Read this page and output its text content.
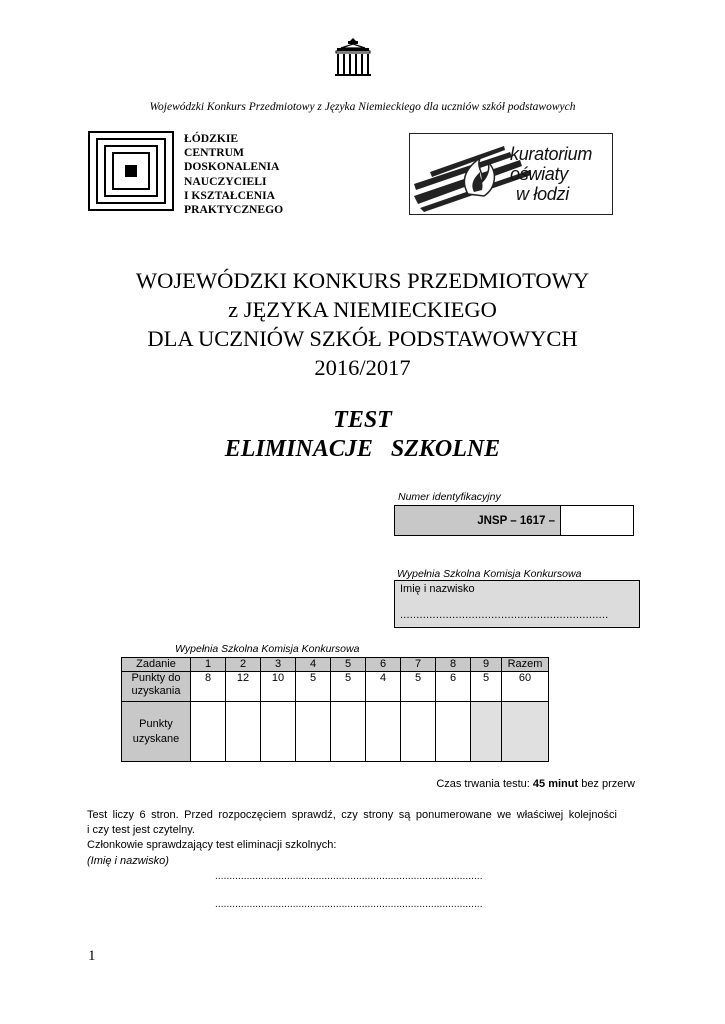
Wojewódzki Konkurs Przedmiotowy z Języka Niemieckiego dla uczniów szkół podstawowych
ŁÓDZKIE
CENTRUM
DOSKONALENIA
NAUCZYCIELI
I KSZTAŁCENIA
PRAKTYCZNEGO
kuratorium
oświaty
w łodzi
WOJEWÓDZKI KONKURS PRZEDMIOTOWY
z JĘZYKA NIEMIECKIEGO
DLA UCZNIÓW SZKÓŁ PODSTAWOWYCH
2016/2017
TEST
ELIMINACJE   SZKOLNE
Numer identyfikacyjny
JNSP – 1617 –
Wypełnia Szkolna Komisja Konkursowa
Imię i nazwisko
................................................................
Wypełnia Szkolna Komisja Konkursowa
Zadanie	1	2	3	4	5	6	7	8	9	Razem
Punkty do uzyskania	8	12	10	5	5	4	5	6	5	60
Punkty uzyskane										
Czas trwania testu: 45 minut bez przerw
Test liczy 6 stron. Przed rozpoczęciem sprawdź, czy strony są ponumerowane we właściwej kolejności
i czy test jest czytelny.
Członkowie sprawdzający test eliminacji szkolnych:
(Imię i nazwisko)
.............................................................................................
.............................................................................................
1
